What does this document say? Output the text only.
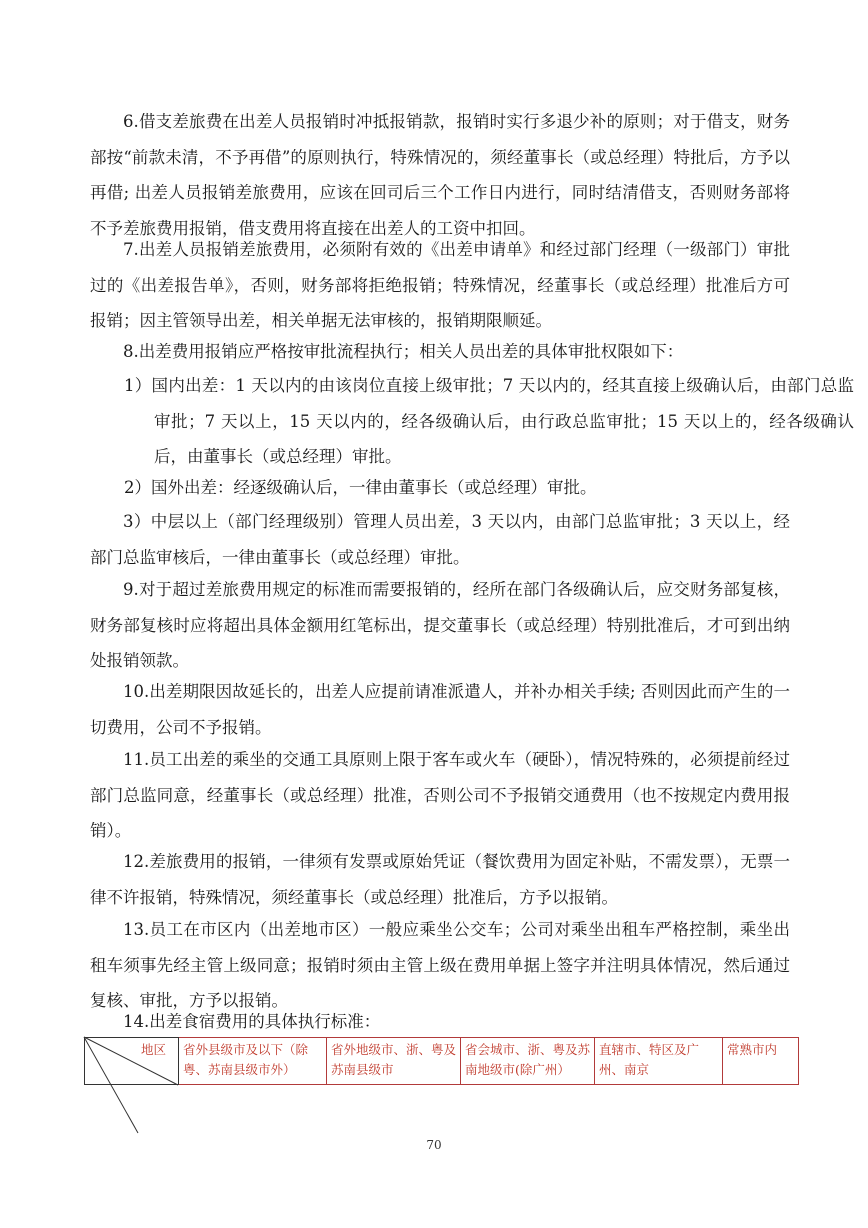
6.借支差旅费在出差人员报销时冲抵报销款，报销时实行多退少补的原则；对于借支，财务部按“前款未清，不予再借”的原则执行，特殊情况的，须经董事长（或总经理）特批后，方予以再借; 出差人员报销差旅费用，应该在回司后三个工作日内进行，同时结清借支，否则财务部将不予差旅费用报销，借支费用将直接在出差人的工资中扣回。

7.出差人员报销差旅费用，必须附有效的《出差申请单》和经过部门经理（一级部门）审批过的《出差报告单》，否则，财务部将拒绝报销；特殊情况，经董事长（或总经理）批准后方可报销；因主管领导出差，相关单据无法审核的，报销期限顺延。

8.出差费用报销应严格按审批流程执行；相关人员出差的具体审批权限如下：

1）国内出差：1 天以内的由该岗位直接上级审批；7 天以内的，经其直接上级确认后，由部门总监审批；7 天以上，15 天以内的，经各级确认后，由行政总监审批；15 天以上的，经各级确认后，由董事长（或总经理）审批。

2）国外出差：经逐级确认后，一律由董事长（或总经理）审批。

3）中层以上（部门经理级别）管理人员出差，3 天以内，由部门总监审批；3 天以上，经部门总监审核后，一律由董事长（或总经理）审批。

9.对于超过差旅费用规定的标准而需要报销的，经所在部门各级确认后，应交财务部复核，财务部复核时应将超出具体金额用红笔标出，提交董事长（或总经理）特别批准后，才可到出纳处报销领款。

10.出差期限因故延长的，出差人应提前请准派遣人，并补办相关手续; 否则因此而产生的一切费用，公司不予报销。

11.员工出差的乘坐的交通工具原则上限于客车或火车（硬卧），情况特殊的，必须提前经过部门总监同意，经董事长（或总经理）批准，否则公司不予报销交通费用（也不按规定内费用报销）。

12.差旅费用的报销，一律须有发票或原始凭证（餐饮费用为固定补贴，不需发票），无票一律不许报销，特殊情况，须经董事长（或总经理）批准后，方予以报销。

13.员工在市区内（出差地市区）一般应乘坐公交车；公司对乘坐出租车严格控制，乘坐出租车须事先经主管上级同意；报销时须由主管上级在费用单据上签字并注明具体情况，然后通过复核、审批，方予以报销。

14.出差食宿费用的具体执行标准：

地区	省外县级市及以下（除粤、苏南县级市外）	省外地级市、浙、粤及苏南县级市	省会城市、浙、粤及苏南地级市(除广州）	直辖市、特区及广州、南京	常熟市内
70
